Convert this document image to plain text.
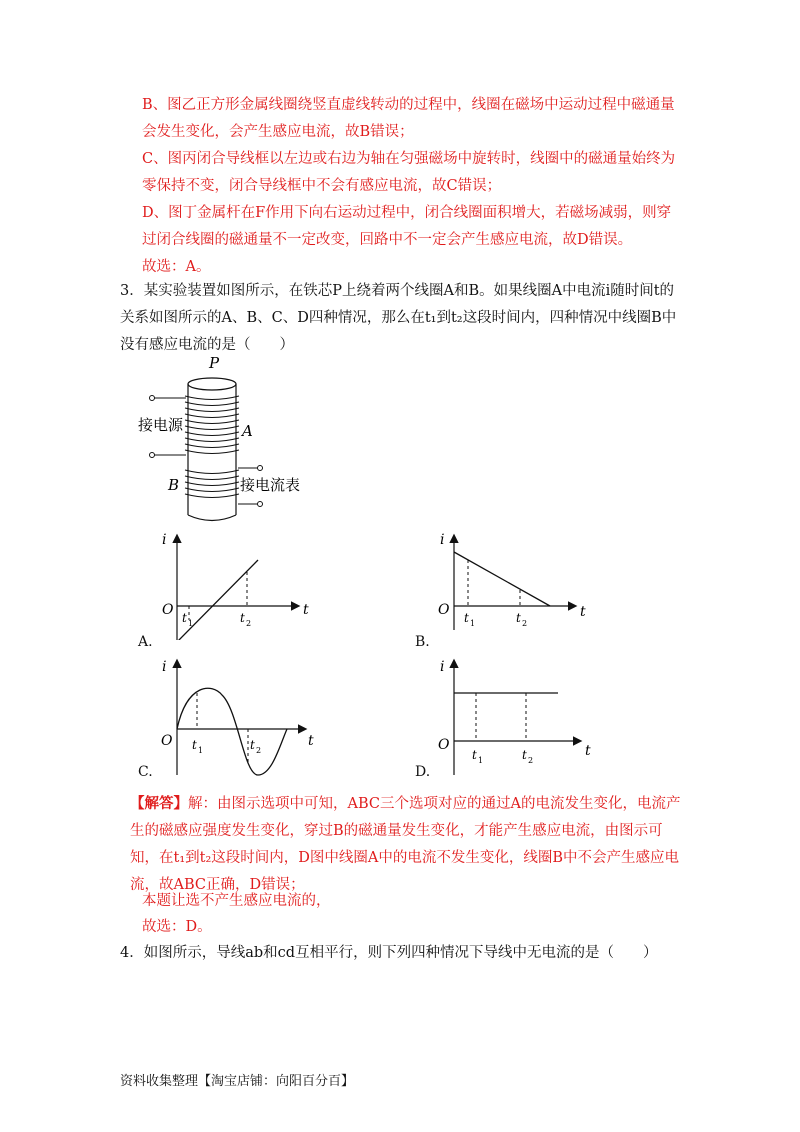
B、图乙正方形金属线圈绕竖直虚线转动的过程中，线圈在磁场中运动过程中磁通量会发生变化，会产生感应电流，故B错误；
C、图丙闭合导线框以左边或右边为轴在匀强磁场中旋转时，线圈中的磁通量始终为零保持不变，闭合导线框中不会有感应电流，故C错误；
D、图丁金属杆在F作用下向右运动过程中，闭合线圈面积增大，若磁场减弱，则穿过闭合线圈的磁通量不一定改变，回路中不一定会产生感应电流，故D错误。
故选：A。
3．某实验装置如图所示，在铁芯P上绕着两个线圈A和B。如果线圈A中电流i随时间t的关系如图所示的A、B、C、D四种情况，那么在t₁到t₂这段时间内，四种情况中线圈B中没有感应电流的是（　　）
P
接电源	A
接电流表
B
i
t
O t 1	t 2
A.
i
t
O t 1	t 2
B.
i
t
O t 1	t 2
C.
i
t
O
t 1	t 2
D.
【解答】解：由图示选项中可知，ABC三个选项对应的通过A的电流发生变化，电流产生的磁感应强度发生变化，穿过B的磁通量发生变化，才能产生感应电流，由图示可知，在t₁到t₂这段时间内，D图中线圈A中的电流不发生变化，线圈B中不会产生感应电流，故ABC正确，D错误；
本题让选不产生感应电流的，
故选：D。
4．如图所示，导线ab和cd互相平行，则下列四种情况下导线中无电流的是（　　）
资料收集整理【淘宝店铺：向阳百分百】
